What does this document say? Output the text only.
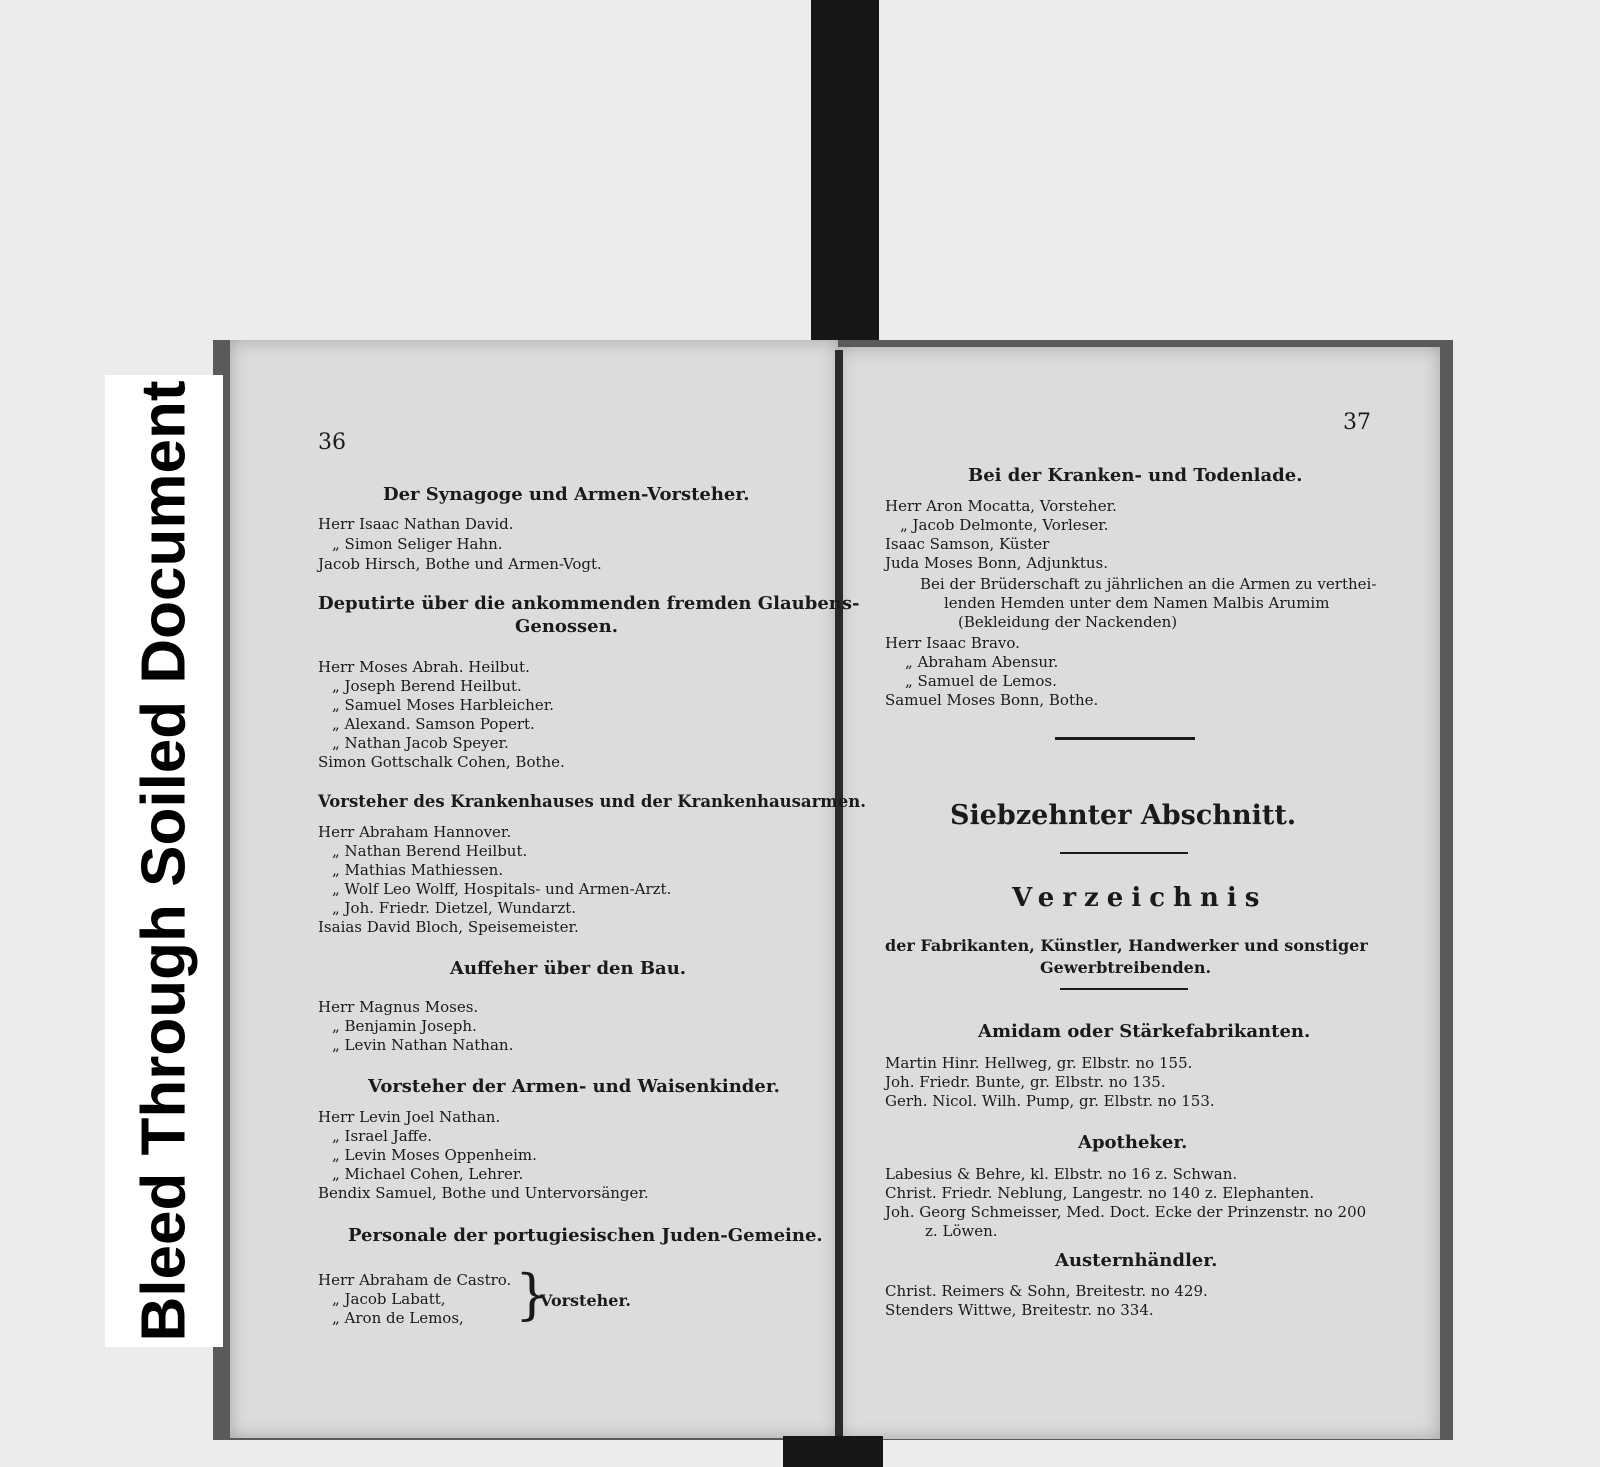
Bleed Through Soiled Document	36
Der Synagoge und Armen-Vorsteher.
Herr Isaac Nathan David.
„ Simon Seliger Hahn.
Jacob Hirsch, Bothe und Armen-Vogt.
Deputirte über die ankommenden fremden Glaubens-
Genossen.
Herr Moses Abrah. Heilbut.
„ Joseph Berend Heilbut.
„ Samuel Moses Harbleicher.
„ Alexand. Samson Popert.
„ Nathan Jacob Speyer.
Simon Gottschalk Cohen, Bothe.
Vorsteher des Krankenhauses und der Krankenhausarmen.
Herr Abraham Hannover.
„ Nathan Berend Heilbut.
„ Mathias Mathiessen.
„ Wolf Leo Wolff, Hospitals- und Armen-Arzt.
„ Joh. Friedr. Dietzel, Wundarzt.
Isaias David Bloch, Speisemeister.
Auffeher über den Bau.
Herr Magnus Moses.
„ Benjamin Joseph.
„ Levin Nathan Nathan.
Vorsteher der Armen- und Waisenkinder.
Herr Levin Joel Nathan.
„ Israel Jaffe.
„ Levin Moses Oppenheim.
„ Michael Cohen, Lehrer.
Bendix Samuel, Bothe und Untervorsänger.
Personale der portugiesischen Juden-Gemeine.
Herr Abraham de Castro.
„ Jacob Labatt,
„ Aron de Lemos, }
Vorsteher.
37
Bei der Kranken- und Todenlade.
Herr Aron Mocatta, Vorsteher.
„ Jacob Delmonte, Vorleser.
Isaac Samson, Küster
Juda Moses Bonn, Adjunktus.
Bei der Brüderschaft zu jährlichen an die Armen zu verthei-
lenden Hemden unter dem Namen Malbis Arumim
(Bekleidung der Nackenden)
Herr Isaac Bravo.
„ Abraham Abensur.
„ Samuel de Lemos.
Samuel Moses Bonn, Bothe.
Siebzehnter Abschnitt.
Verzeichnis
der Fabrikanten, Künstler, Handwerker und sonstiger
Gewerbtreibenden.
Amidam oder Stärkefabrikanten.
Martin Hinr. Hellweg, gr. Elbstr. no 155.
Joh. Friedr. Bunte, gr. Elbstr. no 135.
Gerh. Nicol. Wilh. Pump, gr. Elbstr. no 153.
Apotheker.
Labesius & Behre, kl. Elbstr. no 16 z. Schwan.
Christ. Friedr. Neblung, Langestr. no 140 z. Elephanten.
Joh. Georg Schmeisser, Med. Doct. Ecke der Prinzenstr. no 200
z. Löwen.
Austernhändler.
Christ. Reimers & Sohn, Breitestr. no 429.
Stenders Wittwe, Breitestr. no 334.
